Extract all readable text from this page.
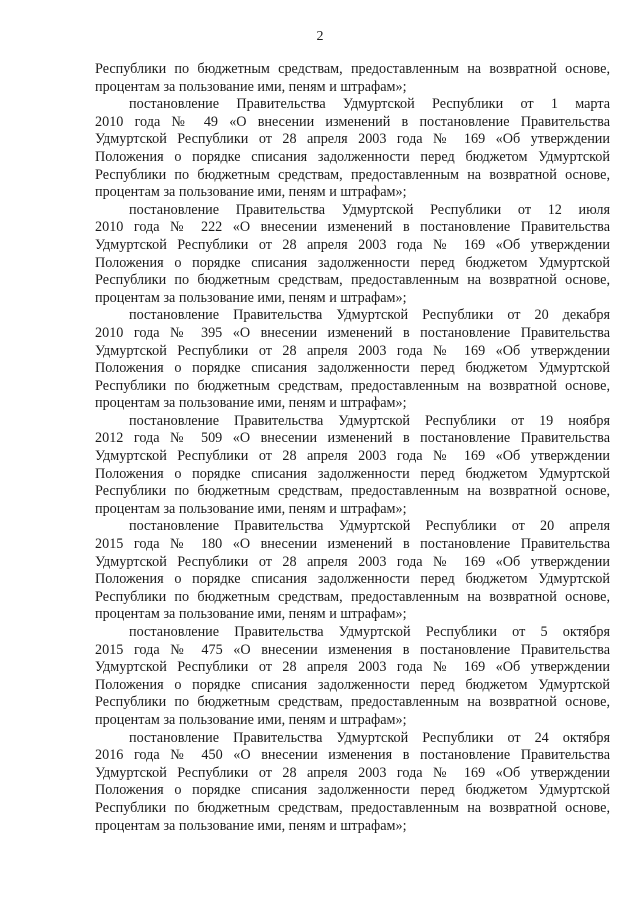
2
Республики по бюджетным средствам, предоставленным на возвратной основе,
процентам за пользование ими, пеням и штрафам»;
постановление Правительства Удмуртской Республики от 1 марта
2010 года № 49 «О внесении изменений в постановление Правительства
Удмуртской Республики от 28 апреля 2003 года № 169 «Об утверждении
Положения о порядке списания задолженности перед бюджетом Удмуртской
Республики по бюджетным средствам, предоставленным на возвратной основе,
процентам за пользование ими, пеням и штрафам»;
постановление Правительства Удмуртской Республики от 12 июля
2010 года № 222 «О внесении изменений в постановление Правительства
Удмуртской Республики от 28 апреля 2003 года № 169 «Об утверждении
Положения о порядке списания задолженности перед бюджетом Удмуртской
Республики по бюджетным средствам, предоставленным на возвратной основе,
процентам за пользование ими, пеням и штрафам»;
постановление Правительства Удмуртской Республики от 20 декабря
2010 года № 395 «О внесении изменений в постановление Правительства
Удмуртской Республики от 28 апреля 2003 года № 169 «Об утверждении
Положения о порядке списания задолженности перед бюджетом Удмуртской
Республики по бюджетным средствам, предоставленным на возвратной основе,
процентам за пользование ими, пеням и штрафам»;
постановление Правительства Удмуртской Республики от 19 ноября
2012 года № 509 «О внесении изменений в постановление Правительства
Удмуртской Республики от 28 апреля 2003 года № 169 «Об утверждении
Положения о порядке списания задолженности перед бюджетом Удмуртской
Республики по бюджетным средствам, предоставленным на возвратной основе,
процентам за пользование ими, пеням и штрафам»;
постановление Правительства Удмуртской Республики от 20 апреля
2015 года № 180 «О внесении изменений в постановление Правительства
Удмуртской Республики от 28 апреля 2003 года № 169 «Об утверждении
Положения о порядке списания задолженности перед бюджетом Удмуртской
Республики по бюджетным средствам, предоставленным на возвратной основе,
процентам за пользование ими, пеням и штрафам»;
постановление Правительства Удмуртской Республики от 5 октября
2015 года № 475 «О внесении изменения в постановление Правительства
Удмуртской Республики от 28 апреля 2003 года № 169 «Об утверждении
Положения о порядке списания задолженности перед бюджетом Удмуртской
Республики по бюджетным средствам, предоставленным на возвратной основе,
процентам за пользование ими, пеням и штрафам»;
постановление Правительства Удмуртской Республики от 24 октября
2016 года № 450 «О внесении изменения в постановление Правительства
Удмуртской Республики от 28 апреля 2003 года № 169 «Об утверждении
Положения о порядке списания задолженности перед бюджетом Удмуртской
Республики по бюджетным средствам, предоставленным на возвратной основе,
процентам за пользование ими, пеням и штрафам»;
